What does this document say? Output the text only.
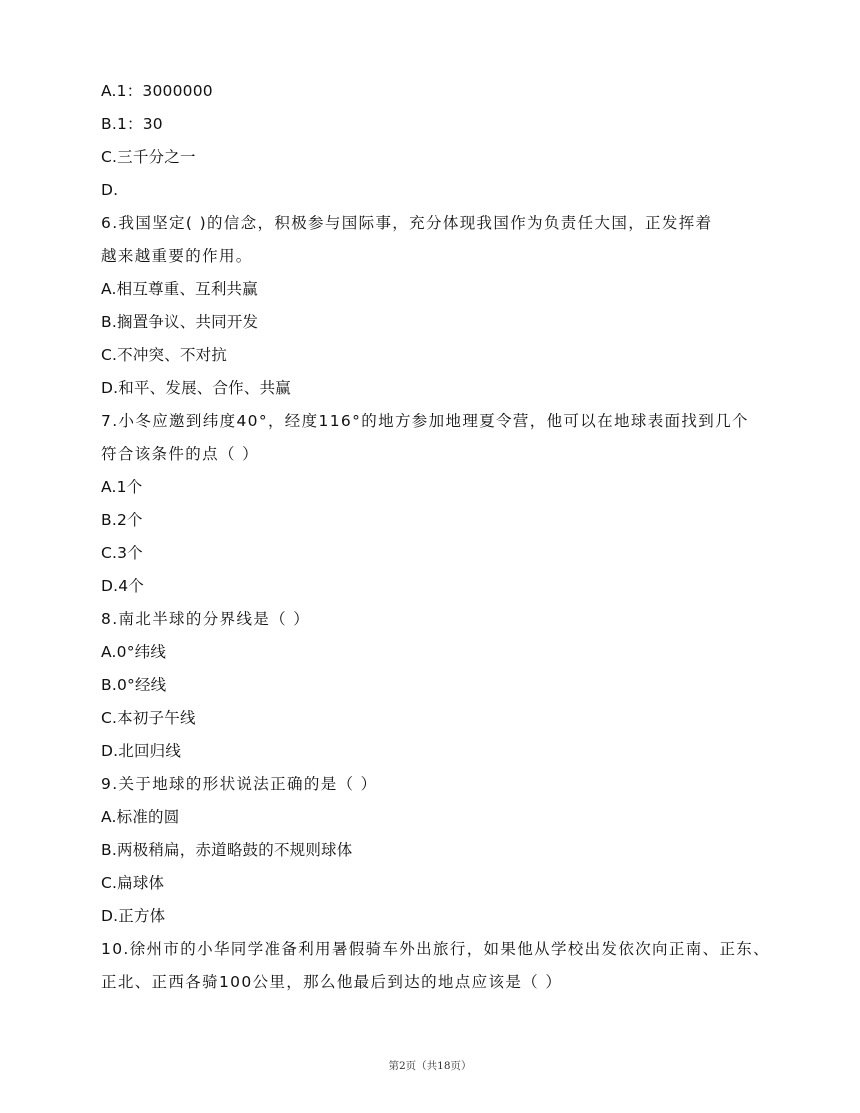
A.1：3000000
B.1：30
C.三千分之一
D.
6.我国坚定( )的信念，积极参与国际事，充分体现我国作为负责任大国，正发挥着
越来越重要的作用。
A.相互尊重、互利共赢
B.搁置争议、共同开发
C.不冲突、不对抗
D.和平、发展、合作、共赢
7.小冬应邀到纬度40°，经度116°的地方参加地理夏令营，他可以在地球表面找到几个
符合该条件的点（ ）
A.1个
B.2个
C.3个
D.4个
8.南北半球的分界线是（ ）
A.0°纬线
B.0°经线
C.本初子午线
D.北回归线
9.关于地球的形状说法正确的是（ ）
A.标准的圆
B.两极稍扁，赤道略鼓的不规则球体
C.扁球体
D.正方体
10.徐州市的小华同学准备利用暑假骑车外出旅行，如果他从学校出发依次向正南、正东、
正北、正西各骑100公里，那么他最后到达的地点应该是（ ）
第2页（共18页）
